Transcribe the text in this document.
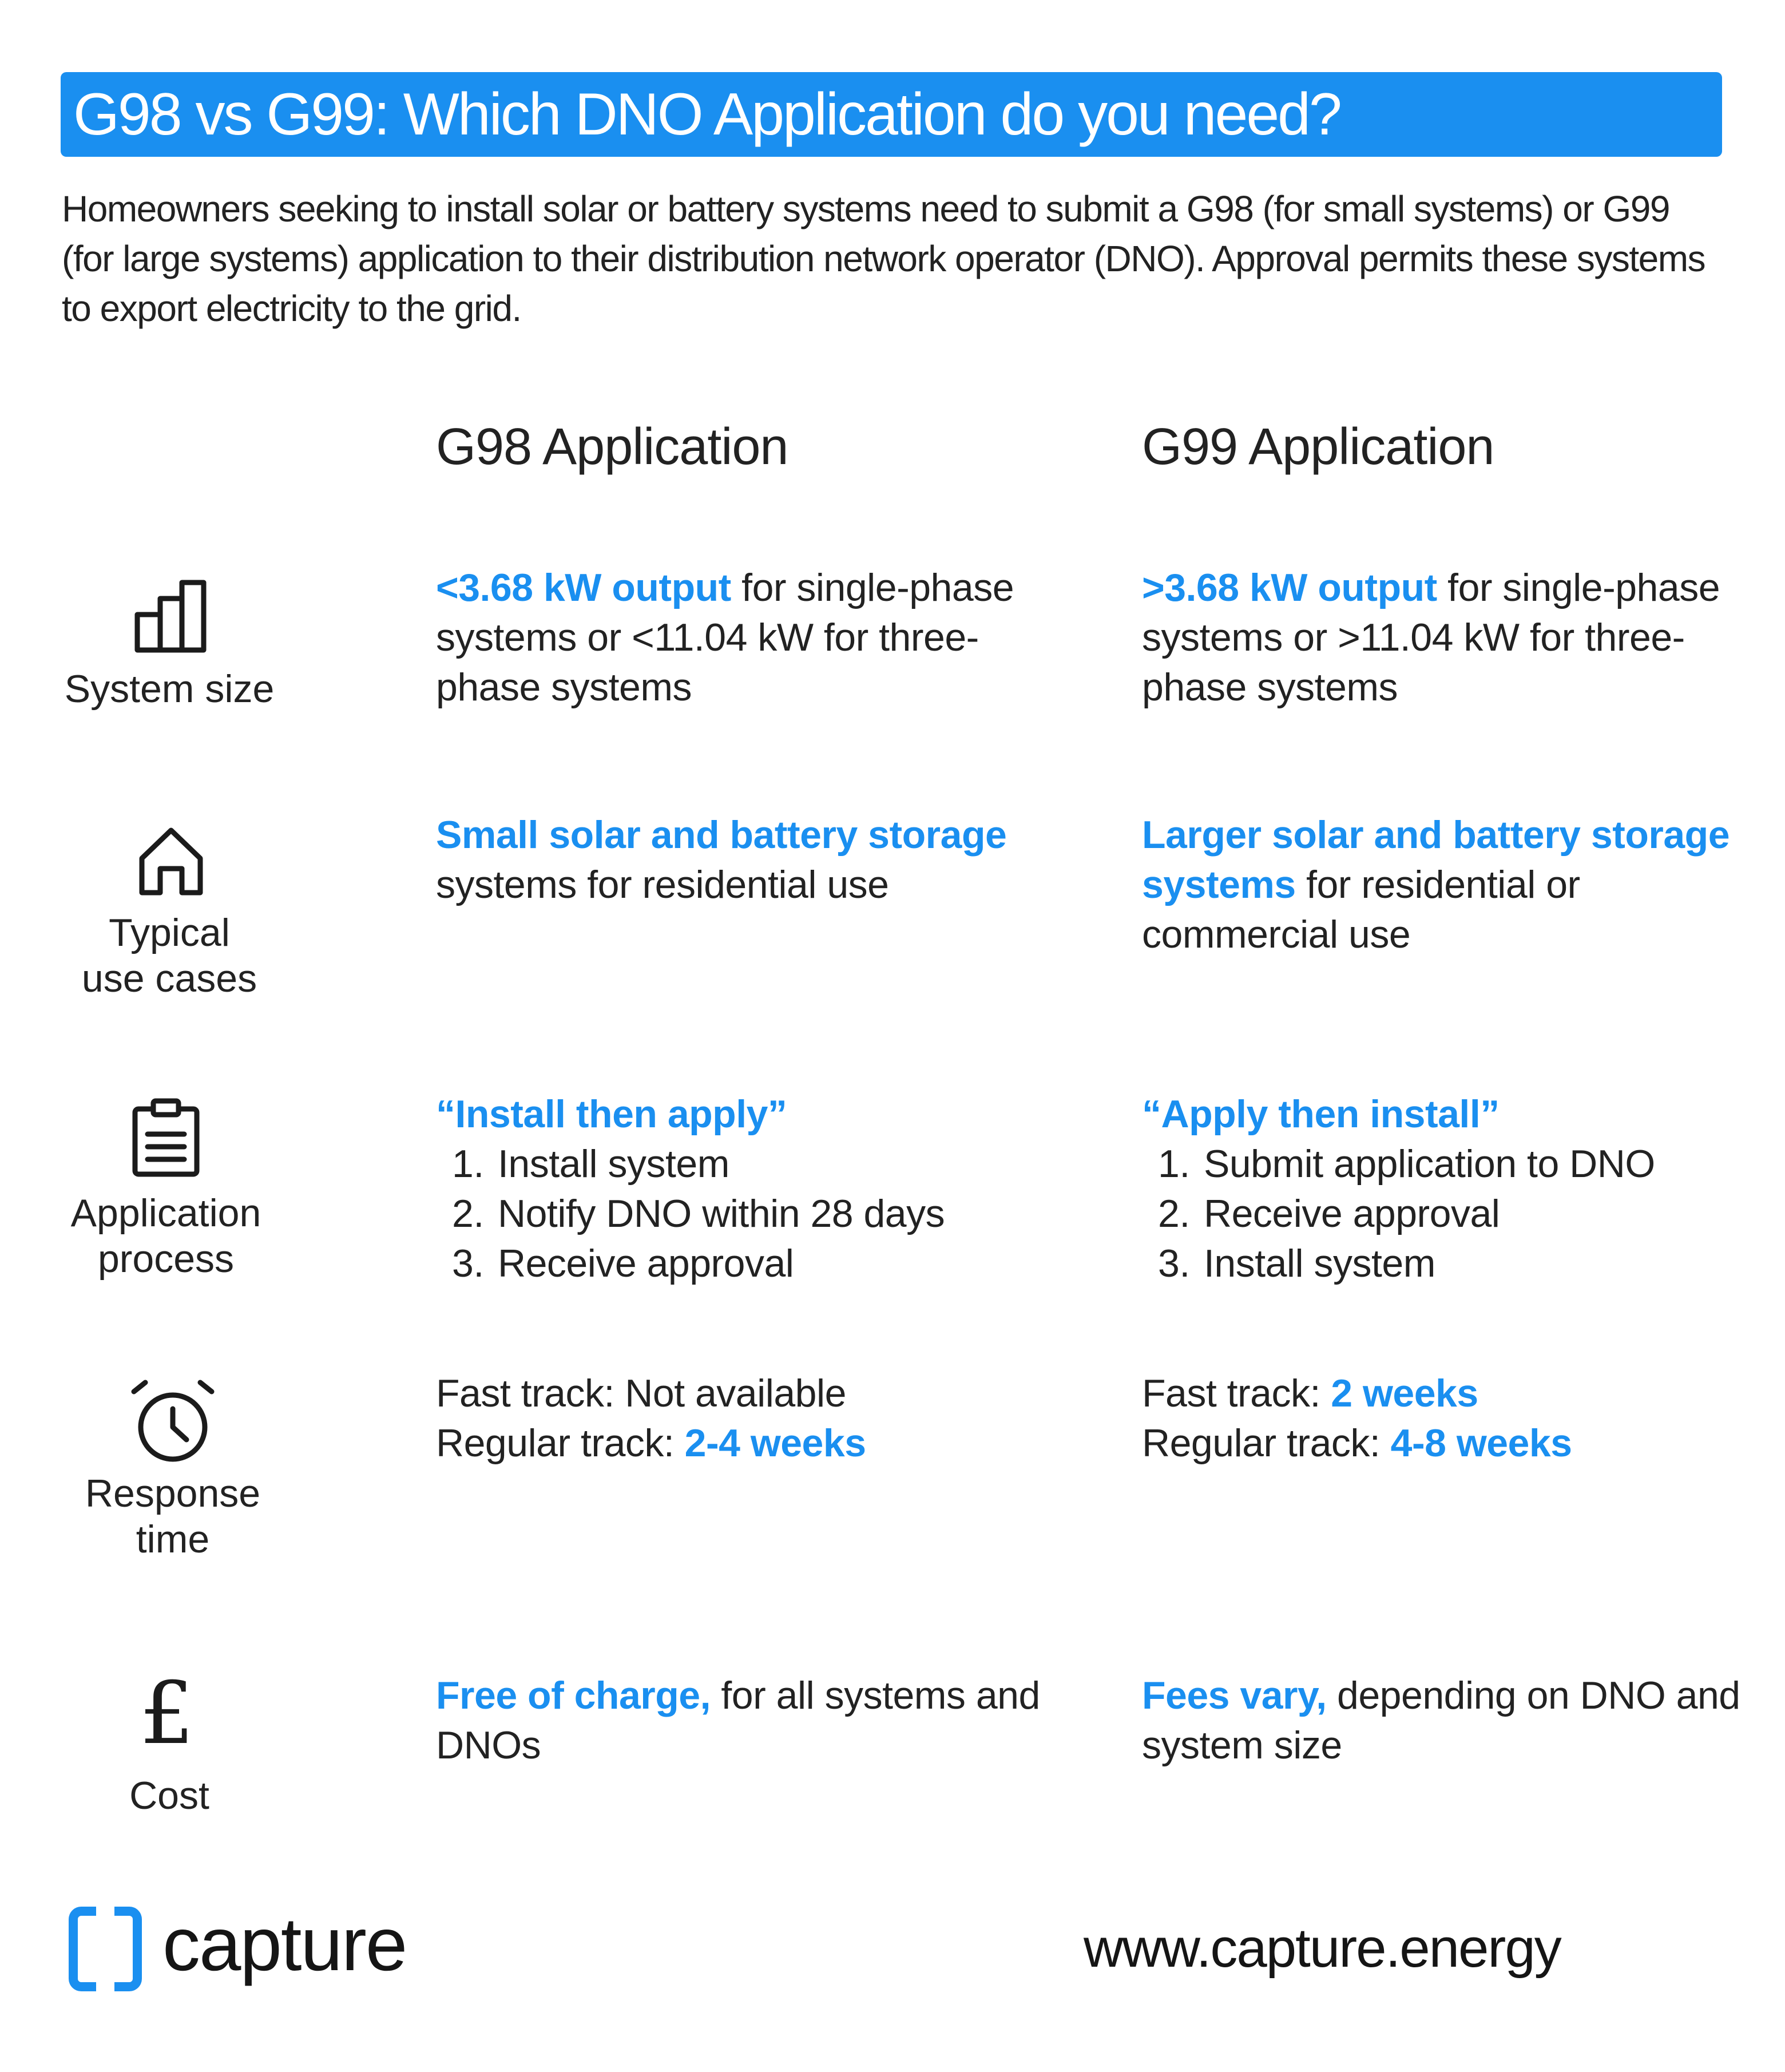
G98 vs G99: Which DNO Application do you need?

Homeowners seeking to install solar or battery systems need to submit a G98 (for small systems) or G99 (for large systems) application to their distribution network operator (DNO). Approval permits these systems to export electricity to the grid.

G98 Application	G99 Application
System size
<3.68 kW output for single-phase systems or <11.04 kW for three-phase systems
>3.68 kW output for single-phase systems or >11.04 kW for three-phase systems
Typical
use cases
Small solar and battery storage systems for residential use
Larger solar and battery storage systems for residential or commercial use
Application
process
“Install then apply”
1. Install system
2. Notify DNO within 28 days
3. Receive approval
“Apply then install”
1. Submit application to DNO
2. Receive approval
3. Install system
Response
time
Fast track: Not available
Regular track: 2-4 weeks
Fast track: 2 weeks
Regular track: 4-8 weeks
£
Cost
Free of charge, for all systems and DNOs
Fees vary, depending on DNO and system size
capture	www.capture.energy
